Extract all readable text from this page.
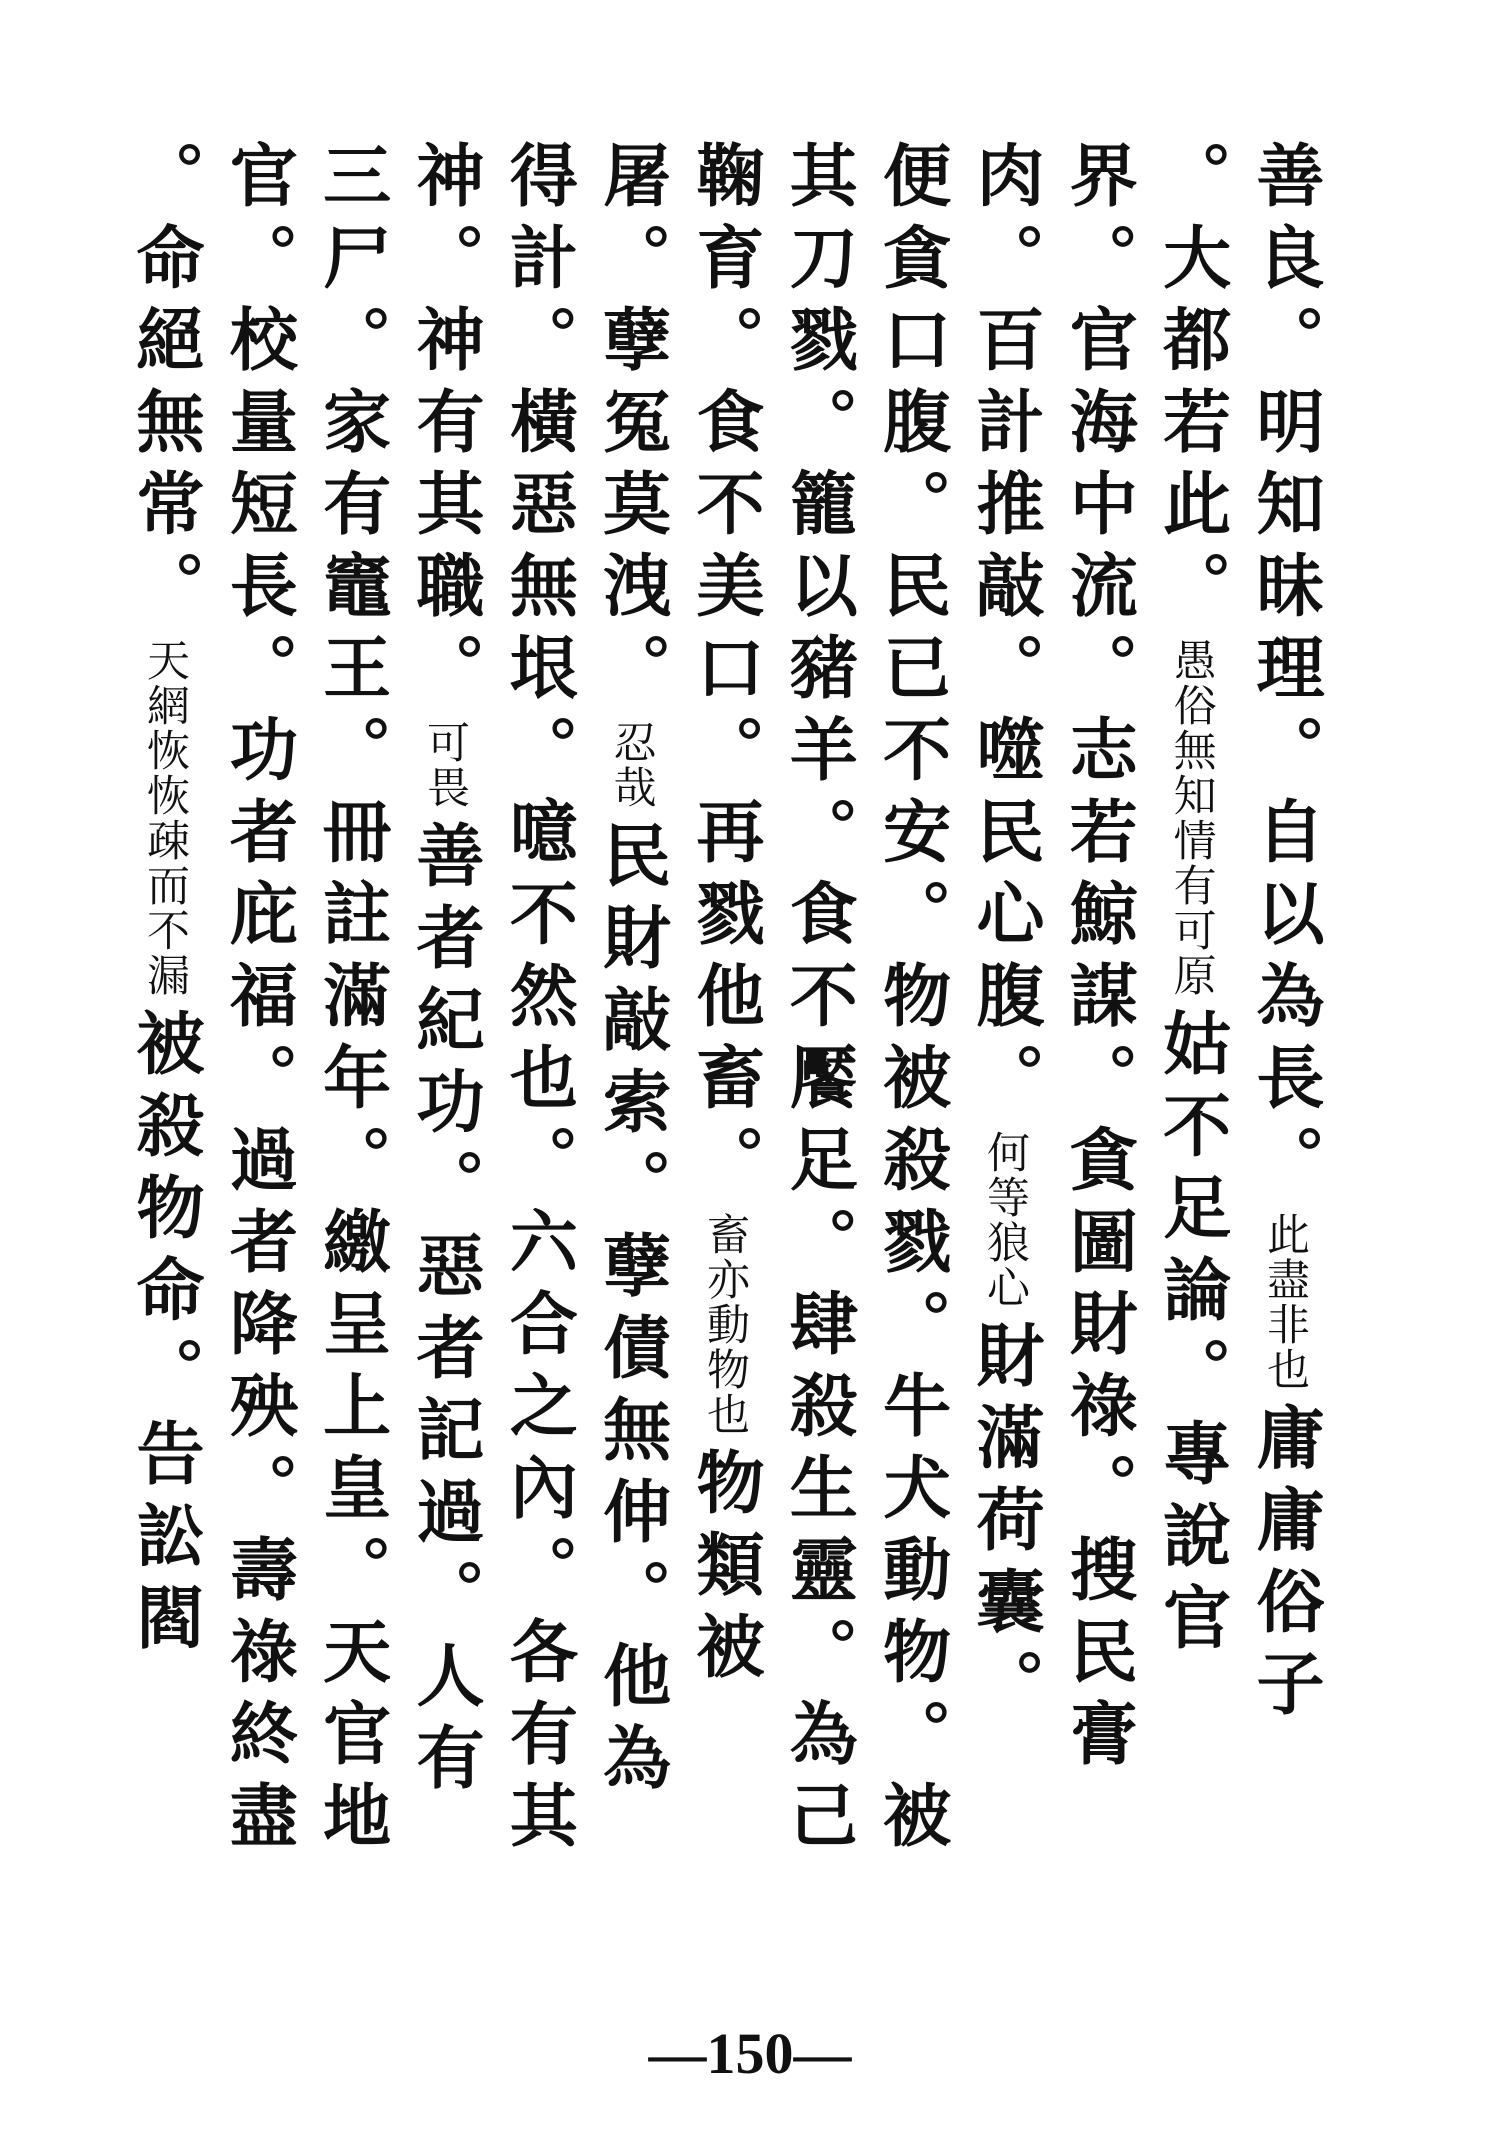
善良。明知昧理。自以為長。
此盡非也
庸庸俗子
。大都若此。
愚俗無知情有可原
姑不足論。專說官
界。官海中流。志若鯨謀。貪圖財祿。搜民膏
肉。百計推敲。噬民心腹。
何等狼心
財滿荷囊。
便貪口腹。民已不安。物被殺戮。牛犬動物。被
其刀戮。籠以豬羊。食不饜足。肆殺生靈。為己
鞠育。食不美口。再戮他畜。
畜亦動物也
物類被
屠。孽冤莫洩。
忍哉
民財敲索。孽債無伸。他為
得計。橫惡無垠。噫不然也。六合之內。各有其
神。神有其職。
可畏
善者紀功。惡者記過。人有
三尸。家有竈王。冊註滿年。繳呈上皇。天官地
官。校量短長。功者庇福。過者降殃。壽祿終盡
。命絕無常。
天網恢恢疎而不漏
被殺物命。告訟閻
—150—
